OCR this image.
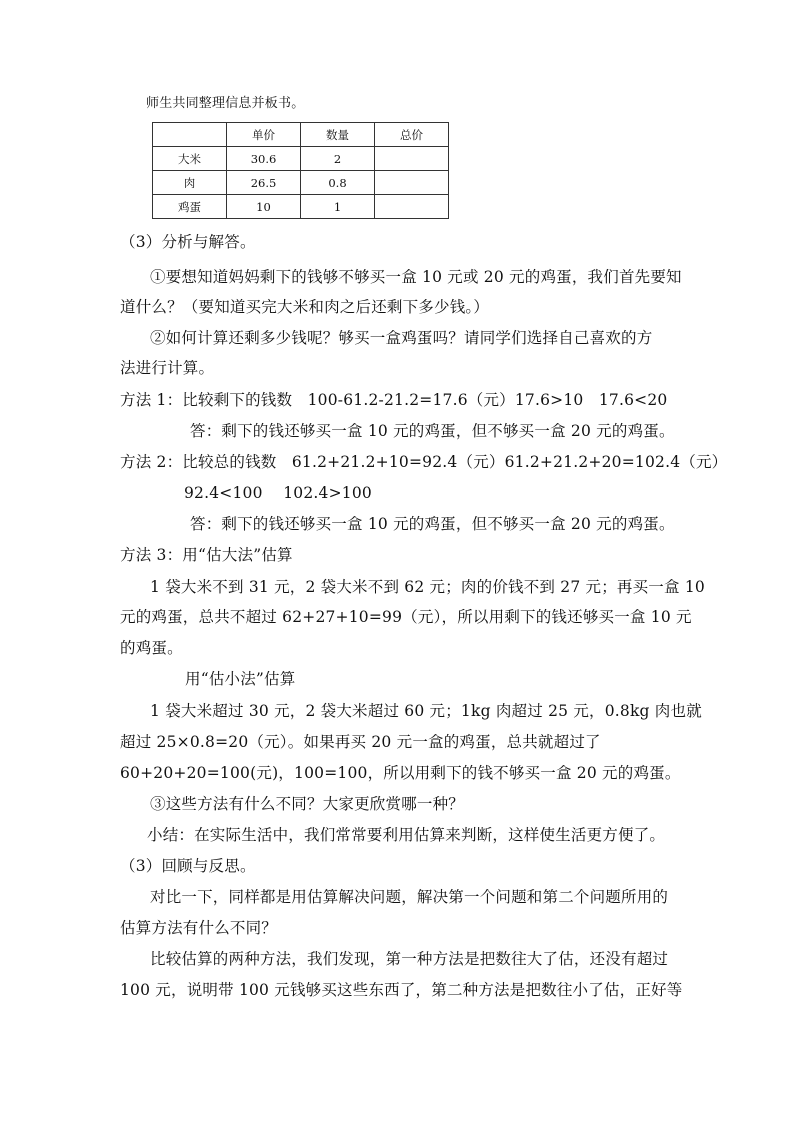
师生共同整理信息并板书。
	单价	数量	总价
大米	30.6	2	
肉	26.5	0.8	
鸡蛋	10	1	
（3）分析与解答。
①要想知道妈妈剩下的钱够不够买一盒 10 元或 20 元的鸡蛋，我们首先要知
道什么？（要知道买完大米和肉之后还剩下多少钱。）
②如何计算还剩多少钱呢？够买一盒鸡蛋吗？请同学们选择自己喜欢的方
法进行计算。
方法 1：比较剩下的钱数   100-61.2-21.2=17.6（元）17.6>10   17.6<20
答：剩下的钱还够买一盒 10 元的鸡蛋，但不够买一盒 20 元的鸡蛋。
方法 2：比较总的钱数   61.2+21.2+10=92.4（元）61.2+21.2+20=102.4（元）
92.4<100    102.4>100
答：剩下的钱还够买一盒 10 元的鸡蛋，但不够买一盒 20 元的鸡蛋。
方法 3：用“估大法”估算
1 袋大米不到 31 元，2 袋大米不到 62 元；肉的价钱不到 27 元；再买一盒 10
元的鸡蛋，总共不超过 62+27+10=99（元），所以用剩下的钱还够买一盒 10 元
的鸡蛋。
用“估小法”估算
1 袋大米超过 30 元，2 袋大米超过 60 元；1kg 肉超过 25 元，0.8kg 肉也就
超过 25×0.8=20（元）。如果再买 20 元一盒的鸡蛋，总共就超过了
60+20+20=100(元)，100=100，所以用剩下的钱不够买一盒 20 元的鸡蛋。
③这些方法有什么不同？大家更欣赏哪一种？
小结：在实际生活中，我们常常要利用估算来判断，这样使生活更方便了。
（3）回顾与反思。
对比一下，同样都是用估算解决问题，解决第一个问题和第二个问题所用的
估算方法有什么不同？
比较估算的两种方法，我们发现，第一种方法是把数往大了估，还没有超过
100 元，说明带 100 元钱够买这些东西了，第二种方法是把数往小了估，正好等
